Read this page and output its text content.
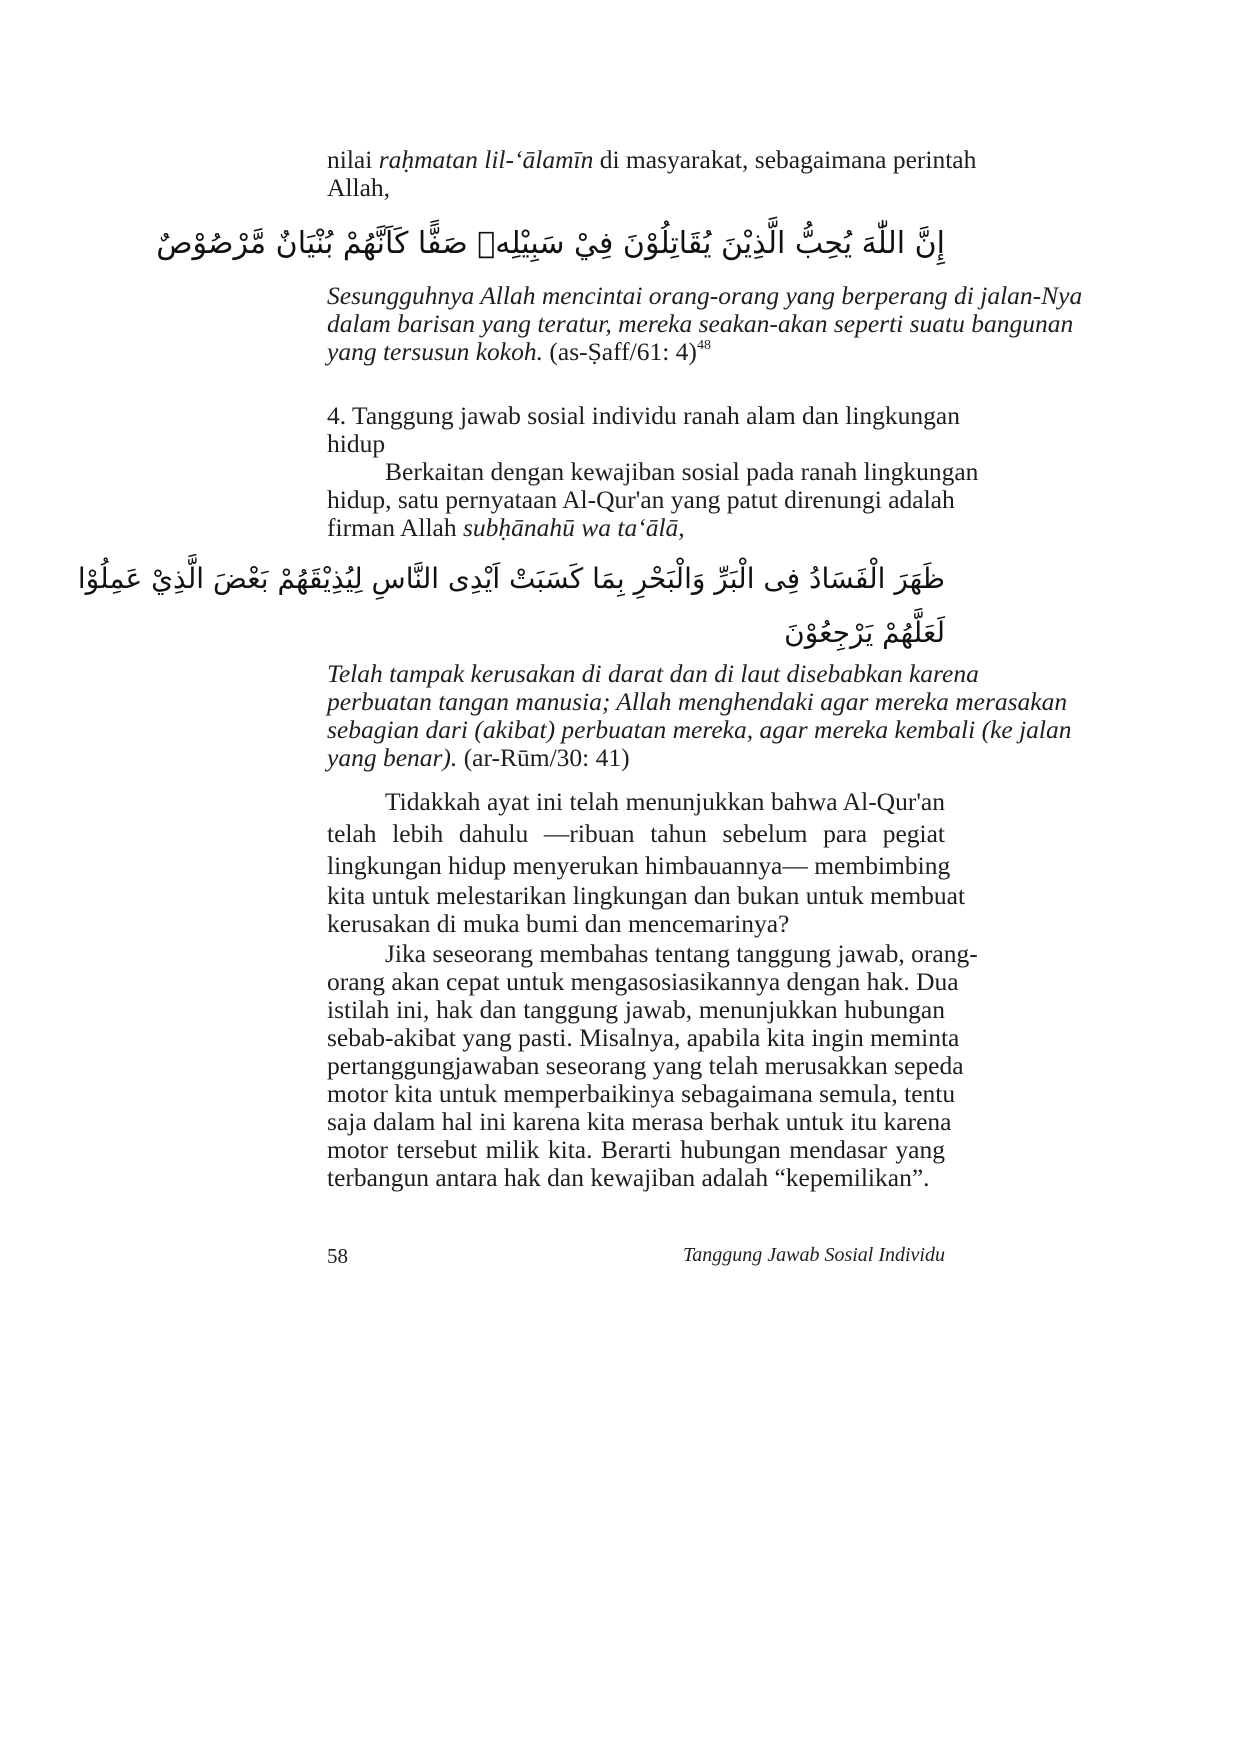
nilai raḥmatan lil-‘ālamīn di masyarakat, sebagaimana perintah
Allah,
إِنَّ اللّٰهَ يُحِبُّ الَّذِيْنَ يُقَاتِلُوْنَ فِيْ سَبِيْلِهٖ صَفًّا كَاَنَّهُمْ بُنْيَانٌ مَّرْصُوْصٌ
Sesungguhnya Allah mencintai orang-orang yang berperang di jalan-Nya
dalam barisan yang teratur, mereka seakan-akan seperti suatu bangunan
yang tersusun kokoh. (as-Ṣaff/61: 4)$^{48}$
4. Tanggung jawab sosial individu ranah alam dan lingkungan
hidup
Berkaitan dengan kewajiban sosial pada ranah lingkungan
hidup, satu pernyataan Al-Qur'an yang patut direnungi adalah
firman Allah subḥānahū wa ta‘ālā,
ظَهَرَ الْفَسَادُ فِى الْبَرِّ وَالْبَحْرِ بِمَا كَسَبَتْ اَيْدِى النَّاسِ لِيُذِيْقَهُمْ بَعْضَ الَّذِيْ عَمِلُوْا
لَعَلَّهُمْ يَرْجِعُوْنَ
Telah tampak kerusakan di darat dan di laut disebabkan karena
perbuatan tangan manusia; Allah menghendaki agar mereka merasakan
sebagian dari (akibat) perbuatan mereka, agar mereka kembali (ke jalan
yang benar). (ar-Rūm/30: 41)
Tidakkah ayat ini telah menunjukkan bahwa Al-Qur'an
telah lebih dahulu —ribuan tahun sebelum para pegiat
lingkungan hidup menyerukan himbauannya— membimbing
kita untuk melestarikan lingkungan dan bukan untuk membuat
kerusakan di muka bumi dan mencemarinya?
Jika seseorang membahas tentang tanggung jawab, orang-
orang akan cepat untuk mengasosiasikannya dengan hak. Dua
istilah ini, hak dan tanggung jawab, menunjukkan hubungan
sebab-akibat yang pasti. Misalnya, apabila kita ingin meminta
pertanggungjawaban seseorang yang telah merusakkan sepeda
motor kita untuk memperbaikinya sebagaimana semula, tentu
saja dalam hal ini karena kita merasa berhak untuk itu karena
motor tersebut milik kita. Berarti hubungan mendasar yang
terbangun antara hak dan kewajiban adalah “kepemilikan”.
58	Tanggung Jawab Sosial Individu
